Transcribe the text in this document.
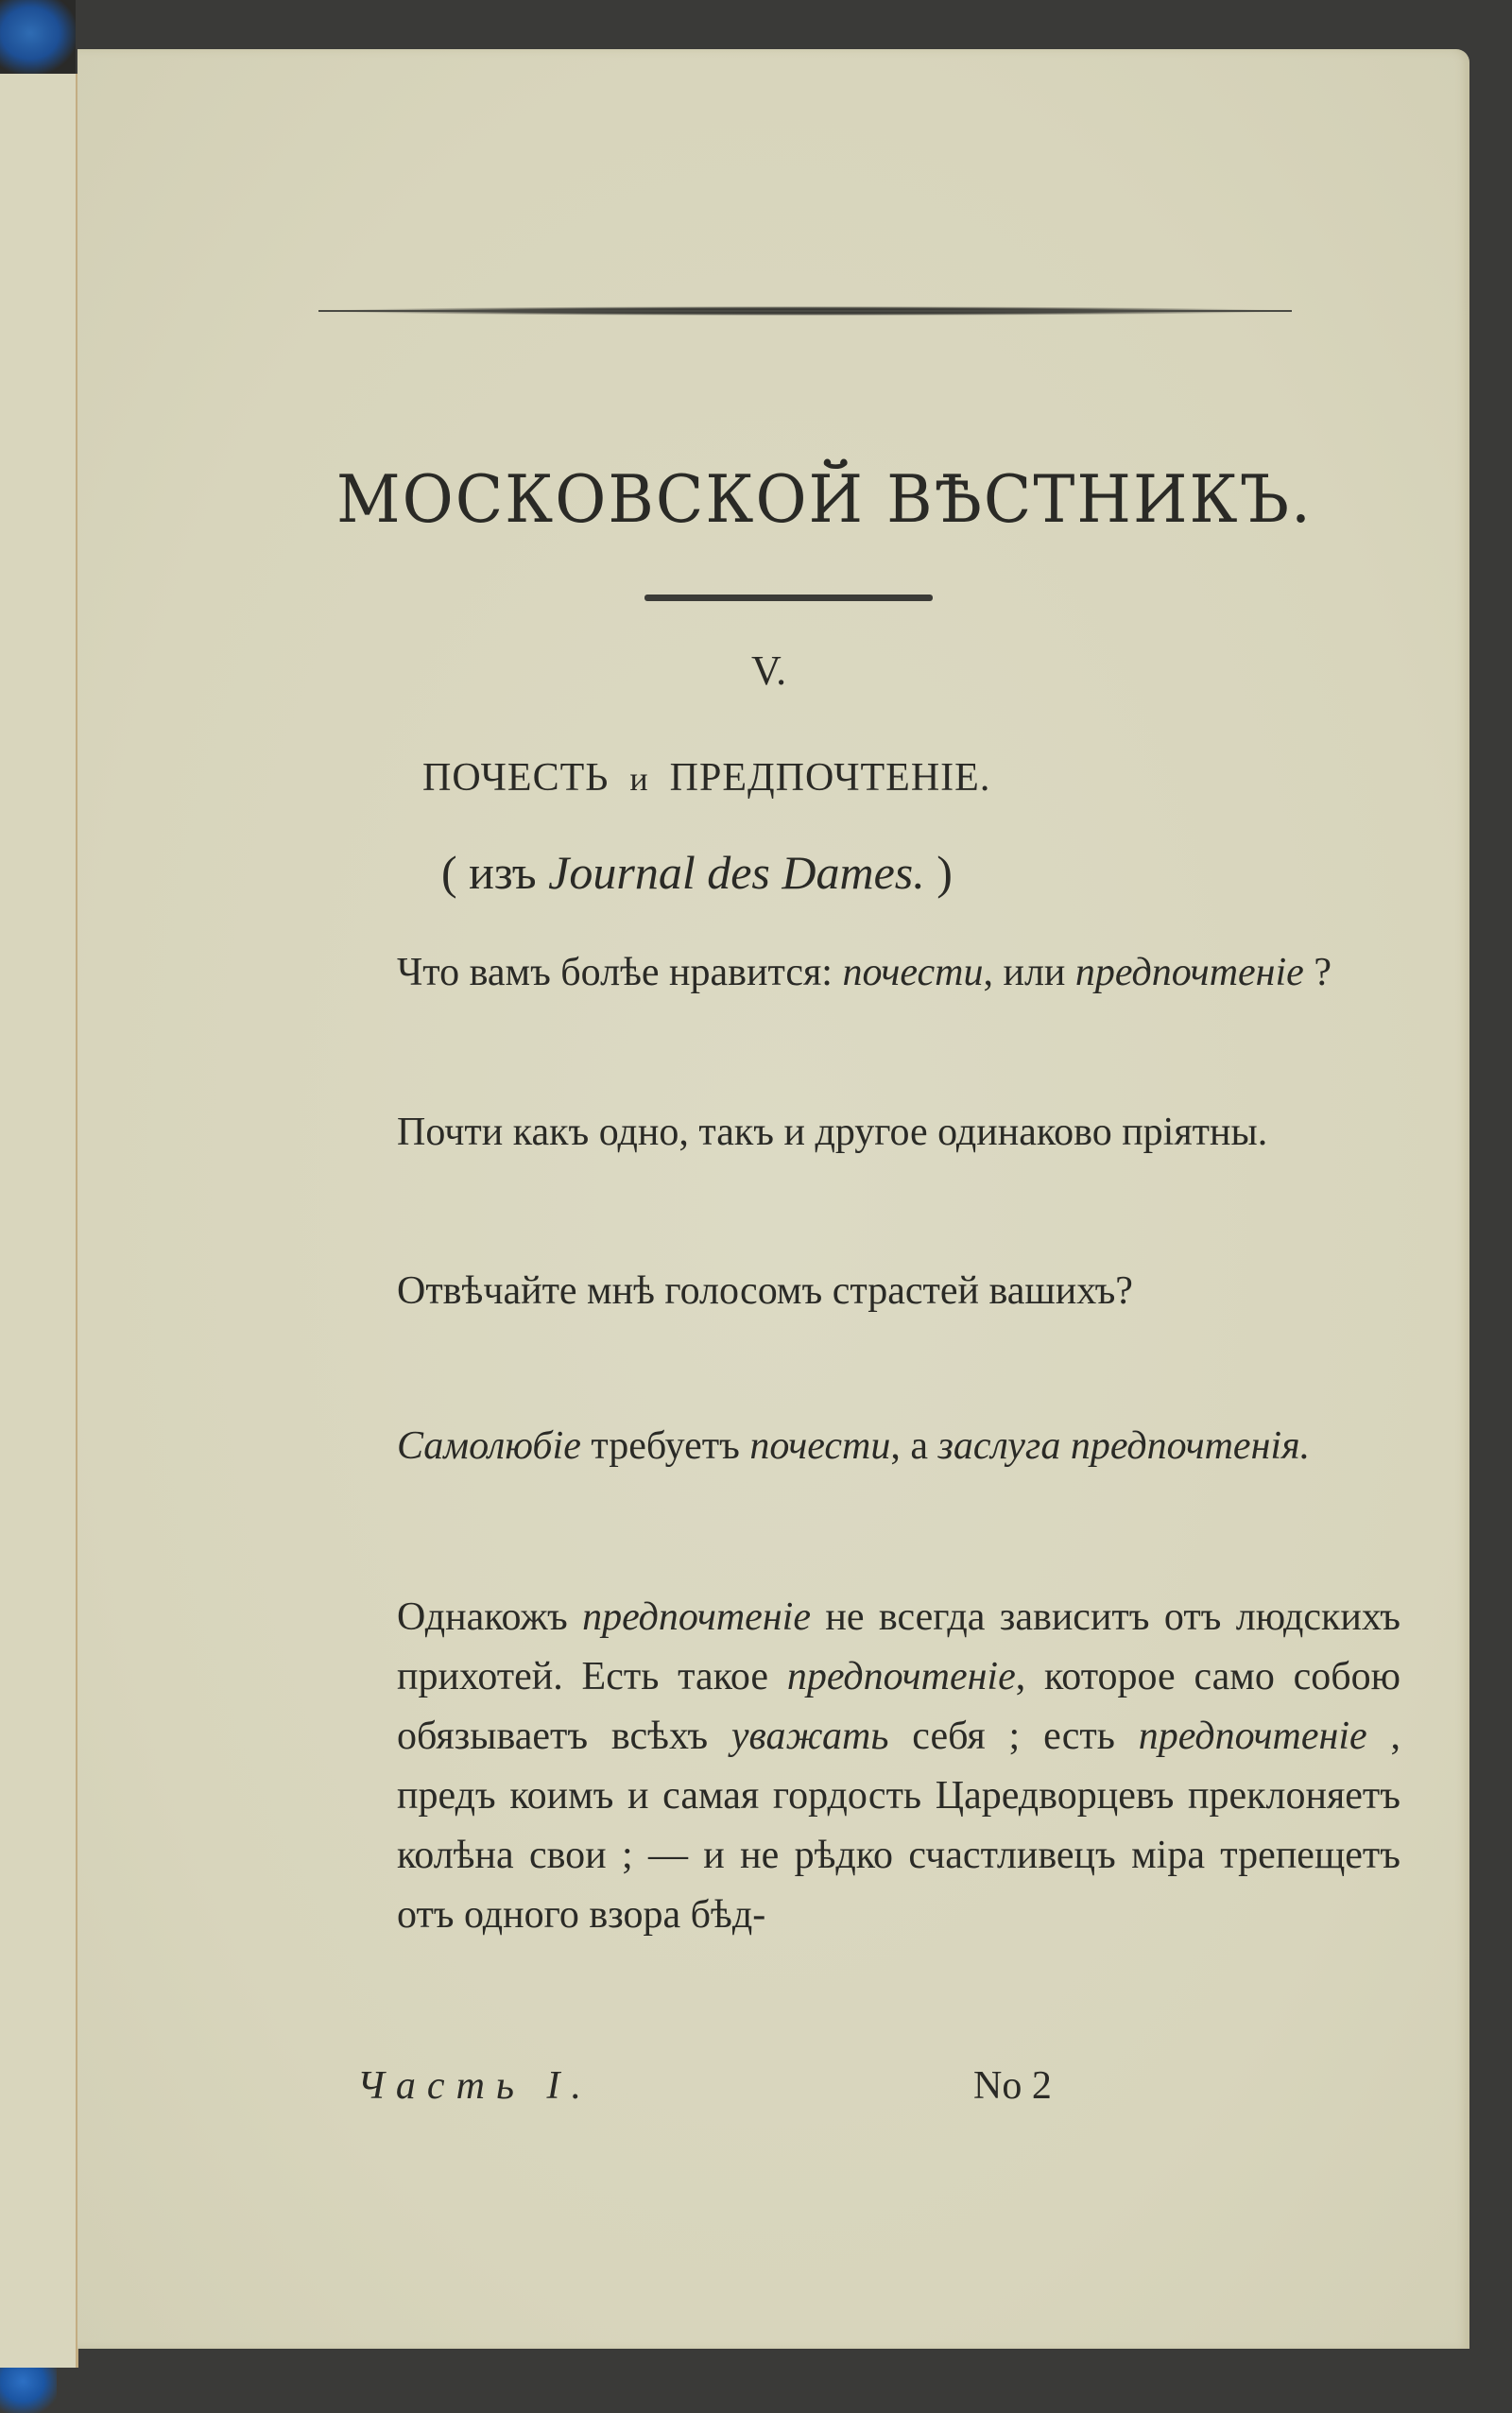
МОСКОВСКОЙ ВѢСТНИКЪ.
V.
ПОЧЕСТЬ и ПРЕДПОЧТЕНІЕ.
( изъ Journal des Dames. )
Что вамъ болѣе нравится: почести, или предпочтеніе ?
Почти какъ одно, такъ и другое одинаково пріятны.
Отвѣчайте мнѣ голосомъ страстей вашихъ?
Самолюбіе требуетъ почести, а заслуга предпочтенія.
Однакожъ предпочтеніе не всегда зависитъ отъ людскихъ прихотей. Есть такое предпочтеніе, которое само собою обязываетъ всѣхъ уважать себя ; есть предпочтеніе , предъ коимъ и самая гордость Царедворцевъ преклоняетъ колѣна свои ; — и не рѣдко счастливецъ міра трепещетъ отъ одного взора бѣд-
Часть I.	Nо 2
